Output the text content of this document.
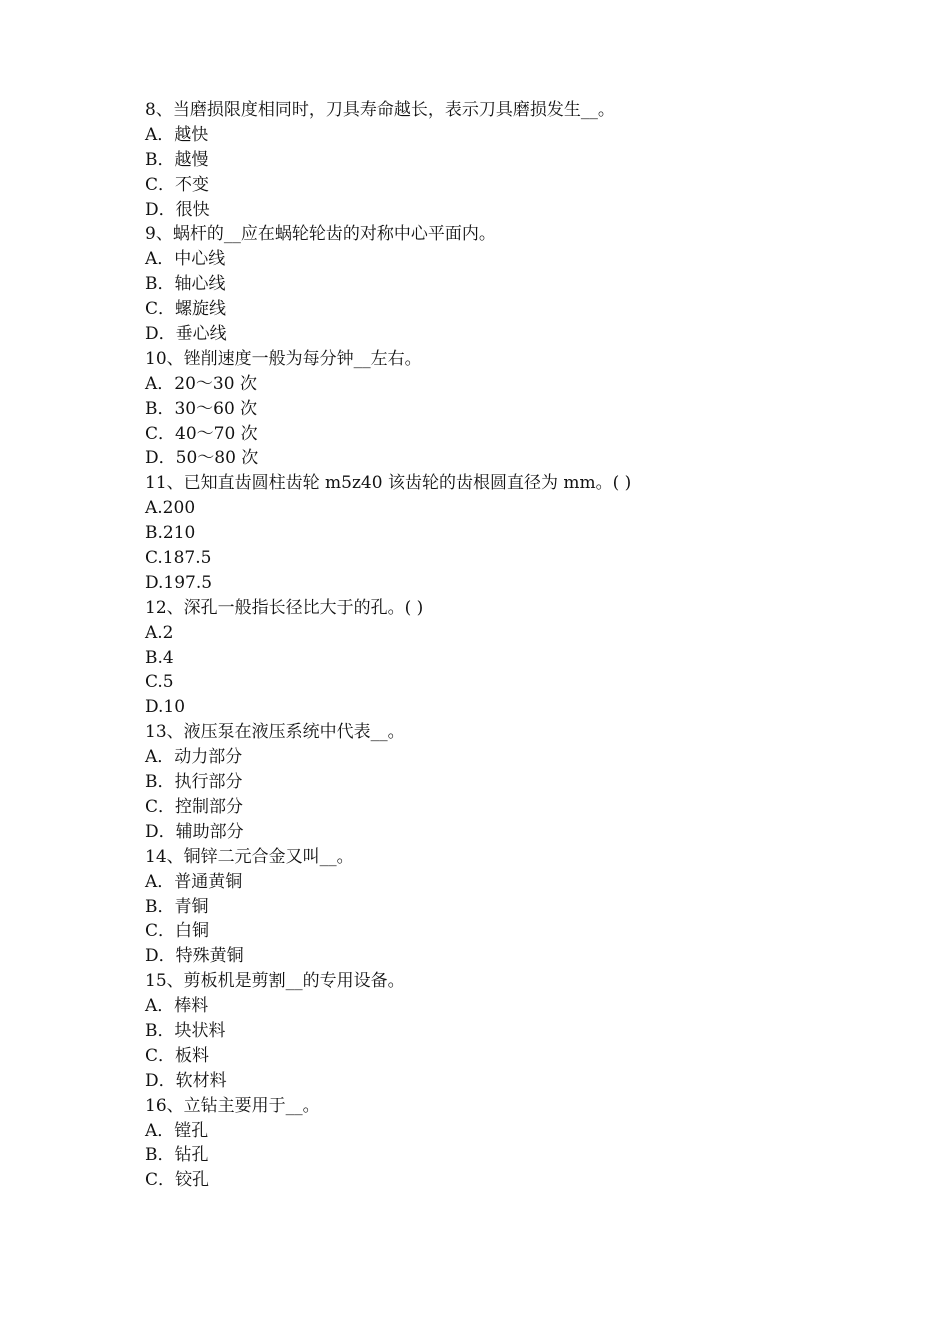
8、当磨损限度相同时，刀具寿命越长，表示刀具磨损发生__。
A．越快
B．越慢
C．不变
D．很快
9、蜗杆的__应在蜗轮轮齿的对称中心平面内。
A．中心线
B．轴心线
C．螺旋线
D．垂心线
10、锉削速度一般为每分钟__左右。
A．20～30 次
B．30～60 次
C．40～70 次
D．50～80 次
11、已知直齿圆柱齿轮 m5z40 该齿轮的齿根圆直径为 mm。( )
A.200
B.210
C.187.5
D.197.5
12、深孔一般指长径比大于的孔。( )
A.2
B.4
C.5
D.10
13、液压泵在液压系统中代表__。
A．动力部分
B．执行部分
C．控制部分
D．辅助部分
14、铜锌二元合金又叫__。
A．普通黄铜
B．青铜
C．白铜
D．特殊黄铜
15、剪板机是剪割__的专用设备。
A．棒料
B．块状料
C．板料
D．软材料
16、立钻主要用于__。
A．镗孔
B．钻孔
C．铰孔
